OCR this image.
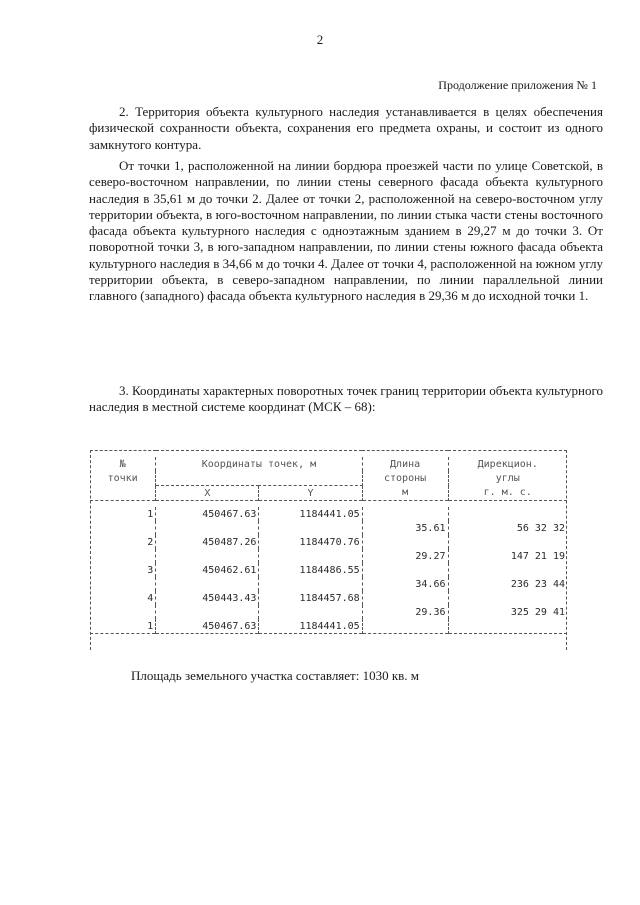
2
Продолжение приложения № 1

2. Территория объекта культурного наследия устанавливается в целях обеспечения физической сохранности объекта, сохранения его предмета охраны, и состоит из одного замкнутого контура.

От точки 1, расположенной на линии бордюра проезжей части по улице Советской, в северо-восточном направлении, по линии стены северного фасада объекта культурного наследия в 35,61 м до точки 2. Далее от точки 2, расположенной на северо-восточном углу территории объекта, в юго-восточном направлении, по линии стыка части стены восточного фасада объекта культурного наследия с одноэтажным зданием в 29,27 м до точки 3. От поворотной точки 3, в юго-западном направлении, по линии стены южного фасада объекта культурного наследия в 34,66 м до точки 4. Далее от точки 4, расположенной на южном углу территории объекта, в северо-западном направлении, по линии параллельной линии главного (западного) фасада объекта культурного наследия в 29,36 м до исходной точки 1.

3. Координаты характерных поворотных точек границ территории объекта культурного наследия в местной системе координат (МСК – 68):

№	Координаты точек, м		Длина	Дирекцион.
точки			стороны	углы
	X	Y	м	г. м. с.

1	450467.63	1184441.05		
			35.61	56 32 32
2	450487.26	1184470.76		
			29.27	147 21 19
3	450462.61	1184486.55		
			34.66	236 23 44
4	450443.43	1184457.68		
			29.36	325 29 41
1	450467.63	1184441.05		

Площадь земельного участка составляет: 1030 кв. м
